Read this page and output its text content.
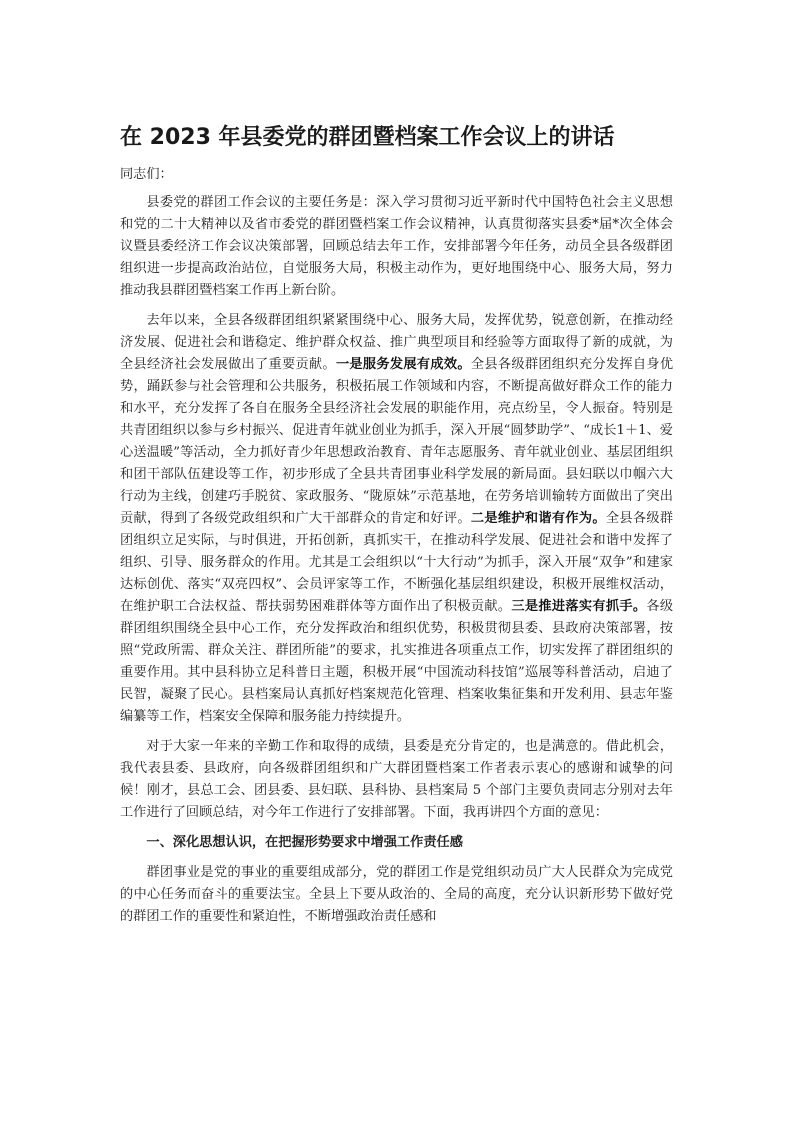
在 2023 年县委党的群团暨档案工作会议上的讲话

同志们：

县委党的群团工作会议的主要任务是：深入学习贯彻习近平新时代中国特色社会主义思想和党的二十大精神以及省市委党的群团暨档案工作会议精神，认真贯彻落实县委*届*次全体会议暨县委经济工作会议决策部署，回顾总结去年工作，安排部署今年任务，动员全县各级群团组织进一步提高政治站位，自觉服务大局，积极主动作为，更好地围绕中心、服务大局，努力推动我县群团暨档案工作再上新台阶。

去年以来，全县各级群团组织紧紧围绕中心、服务大局，发挥优势，锐意创新，在推动经济发展、促进社会和谐稳定、维护群众权益、推广典型项目和经验等方面取得了新的成就，为全县经济社会发展做出了重要贡献。一是服务发展有成效。全县各级群团组织充分发挥自身优势，踊跃参与社会管理和公共服务，积极拓展工作领域和内容，不断提高做好群众工作的能力和水平，充分发挥了各自在服务全县经济社会发展的职能作用，亮点纷呈，令人振奋。特别是共青团组织以参与乡村振兴、促进青年就业创业为抓手，深入开展“圆梦助学”、“成长1＋1、爱心送温暖”等活动，全力抓好青少年思想政治教育、青年志愿服务、青年就业创业、基层团组织和团干部队伍建设等工作，初步形成了全县共青团事业科学发展的新局面。县妇联以巾帼六大行动为主线，创建巧手脱贫、家政服务、“陇原妹”示范基地，在劳务培训输转方面做出了突出贡献，得到了各级党政组织和广大干部群众的肯定和好评。二是维护和谐有作为。全县各级群团组织立足实际，与时俱进，开拓创新，真抓实干，在推动科学发展、促进社会和谐中发挥了组织、引导、服务群众的作用。尤其是工会组织以“十大行动”为抓手，深入开展“双争”和建家达标创优、落实“双亮四权”、会员评家等工作，不断强化基层组织建设，积极开展维权活动，在维护职工合法权益、帮扶弱势困难群体等方面作出了积极贡献。三是推进落实有抓手。各级群团组织围绕全县中心工作，充分发挥政治和组织优势，积极贯彻县委、县政府决策部署，按照“党政所需、群众关注、群团所能”的要求，扎实推进各项重点工作，切实发挥了群团组织的重要作用。其中县科协立足科普日主题，积极开展“中国流动科技馆”巡展等科普活动，启迪了民智，凝聚了民心。县档案局认真抓好档案规范化管理、档案收集征集和开发利用、县志年鉴编纂等工作，档案安全保障和服务能力持续提升。

对于大家一年来的辛勤工作和取得的成绩，县委是充分肯定的，也是满意的。借此机会，我代表县委、县政府，向各级群团组织和广大群团暨档案工作者表示衷心的感谢和诚挚的问候！刚才，县总工会、团县委、县妇联、县科协、县档案局 5 个部门主要负责同志分别对去年工作进行了回顾总结，对今年工作进行了安排部署。下面，我再讲四个方面的意见：

一、深化思想认识，在把握形势要求中增强工作责任感

群团事业是党的事业的重要组成部分，党的群团工作是党组织动员广大人民群众为完成党的中心任务而奋斗的重要法宝。全县上下要从政治的、全局的高度，充分认识新形势下做好党的群团工作的重要性和紧迫性，不断增强政治责任感和
